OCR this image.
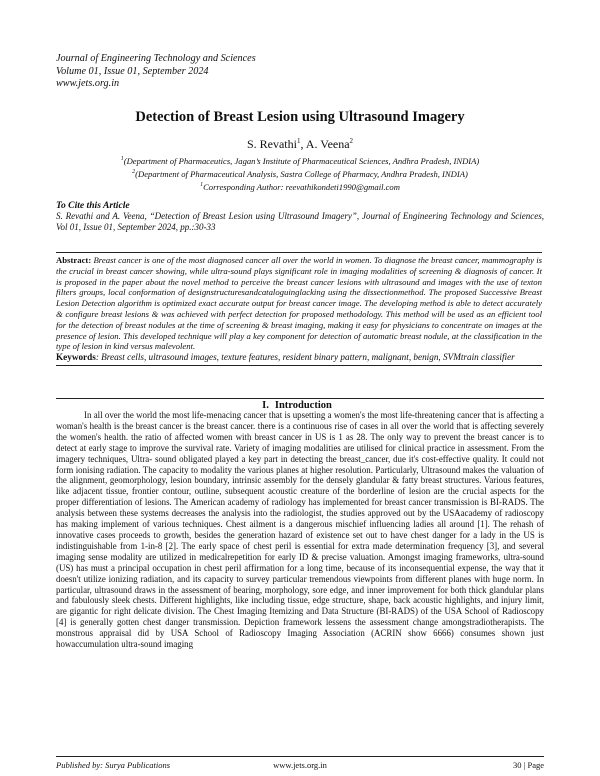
Journal of Engineering Technology and Sciences
Volume 01, Issue 01, September 2024
www.jets.org.in
Detection of Breast Lesion using Ultrasound Imagery
S. Revathi$^1$, A. Veena$^2$
$^1$(Department of Pharmaceutics, Jagan’s Institute of Pharmaceutical Sciences, Andhra Pradesh, INDIA)
$^2$(Department of Pharmaceutical Analysis, Sastra College of Pharmacy, Andhra Pradesh, INDIA)
$^1$Corresponding Author: reevathikondeti1990@gmail.com
To Cite this Article
S. Revathi and A. Veena, “Detection of Breast Lesion using Ultrasound Imagery”, Journal of Engineering Technology and Sciences, Vol 01, Issue 01, September 2024, pp.:30-33
Abstract: Breast cancer is one of the most diagnosed cancer all over the world in women. To diagnose the breast cancer, mammography is the crucial in breast cancer showing, while ultra-sound plays significant role in imaging modalities of screening & diagnosis of cancer. It is proposed in the paper about the novel method to perceive the breast cancer lesions with ultrasound and images with the use of texton filters groups, local conformation of designstructuresandcataloguinglacking using the dissectionmethod. The proposed Successive Breast Lesion Detection algorithm is optimized exact accurate output for breast cancer image. The developing method is able to detect accurately & configure breast lesions & was achieved with perfect detection for proposed methodology. This method will be used as an efficient tool for the detection of breast nodules at the time of screening & breast imaging, making it easy for physicians to concentrate on images at the presence of lesion. This developed technique will play a key component for detection of automatic breast nodule, at the classification in the type of lesion in kind versus malevolent.
Keywords: Breast cells, ultrasound images, texture features, resident binary pattern, malignant, benign, SVMtrain classifier
I. Introduction
In all over the world the most life-menacing cancer that is upsetting a women's the most life-threatening cancer that is affecting a woman's health is the breast cancer is the breast cancer. there is a continuous rise of cases in all over the world that is affecting severely the women's health. the ratio of affected women with breast cancer in US is 1 as 28. The only way to prevent the breast cancer is to detect at early stage to improve the survival rate. Variety of imaging modalities are utilised for clinical practice in assessment. From the imagery techniques, Ultra- sound obligated played a key part in detecting the breast_cancer, due it's cost-effective quality. It could not form ionising radiation. The capacity to modality the various planes at higher resolution. Particularly, Ultrasound makes the valuation of the alignment, geomorphology, lesion boundary, intrinsic assembly for the densely glandular & fatty breast structures. Various features, like adjacent tissue, frontier contour, outline, subsequent acoustic creature of the borderline of lesion are the crucial aspects for the proper differentiation of lesions. The American academy of radiology has implemented for breast cancer transmission is BI-RADS. The analysis between these systems decreases the analysis into the radiologist, the studies approved out by the USAacademy of radioscopy has making implement of various techniques. Chest ailment is a dangerous mischief influencing ladies all around [1]. The rehash of innovative cases proceeds to growth, besides the generation hazard of existence set out to have chest danger for a lady in the US is indistinguishable from 1-in-8 [2]. The early space of chest peril is essential for extra made determination frequency [3], and several imaging sense modality are utilized in medicalrepetition for early ID & precise valuation. Amongst imaging frameworks, ultra-sound (US) has must a principal occupation in chest peril affirmation for a long time, because of its inconsequential expense, the way that it doesn't utilize ionizing radiation, and its capacity to survey particular tremendous viewpoints from different planes with huge norm. In particular, ultrasound draws in the assessment of bearing, morphology, sore edge, and inner improvement for both thick glandular plans and fabulously sleek chests. Different highlights, like including tissue, edge structure, shape, back acoustic highlights, and injury limit, are gigantic for right delicate division. The Chest Imaging Itemizing and Data Structure (BI-RADS) of the USA School of Radioscopy [4] is generally gotten chest danger transmission. Depiction framework lessens the assessment change amongstradiotherapists. The monstrous appraisal did by USA School of Radioscopy Imaging Association (ACRIN show 6666) consumes shown just howaccumulation ultra-sound imaging
Published by: Surya Publications	www.jets.org.in	30 | Page
